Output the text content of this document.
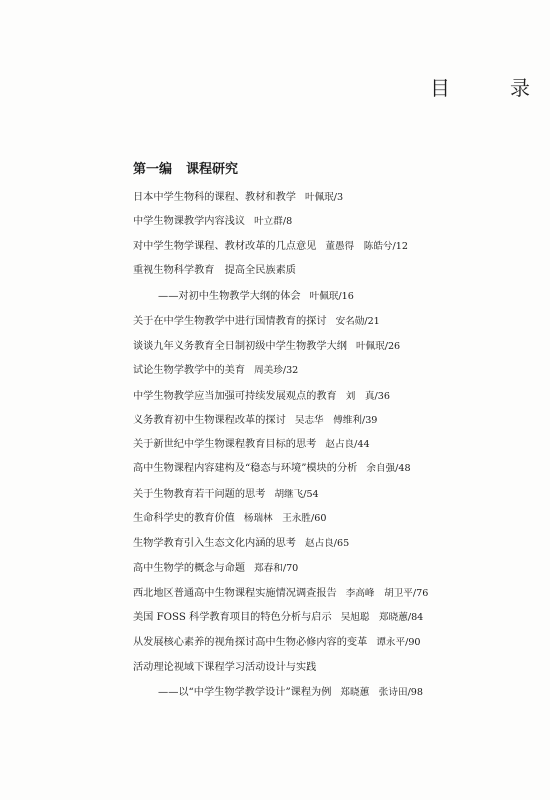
目　录
第一编 课程研究
日本中学生物科的课程、教材和教学 叶佩珉/3
中学生物课教学内容浅议 叶立群/8
对中学生物学课程、教材改革的几点意见 董愚得　陈皓兮/12
重视生物科学教育　提高全民族素质
——对初中生物教学大纲的体会 叶佩珉/16
关于在中学生物教学中进行国情教育的探讨 安名勋/21
谈谈九年义务教育全日制初级中学生物教学大纲 叶佩珉/26
试论生物学教学中的美育 周美珍/32
中学生物教学应当加强可持续发展观点的教育 刘　真/36
义务教育初中生物课程改革的探讨 吴志华　傅维利/39
关于新世纪中学生物课程教育目标的思考 赵占良/44
高中生物课程内容建构及“稳态与环境”模块的分析 余自强/48
关于生物教育若干问题的思考 胡继飞/54
生命科学史的教育价值 杨瑞林　王永胜/60
生物学教育引入生态文化内涵的思考 赵占良/65
高中生物学的概念与命题 郑春和/70
西北地区普通高中生物课程实施情况调查报告 李高峰　胡卫平/76
美国 FOSS 科学教育项目的特色分析与启示 吴旭聪　郑晓蕙/84
从发展核心素养的视角探讨高中生物必修内容的变革 谭永平/90
活动理论视域下课程学习活动设计与实践
——以“中学生物学教学设计”课程为例 郑晓蕙　张诗田/98
